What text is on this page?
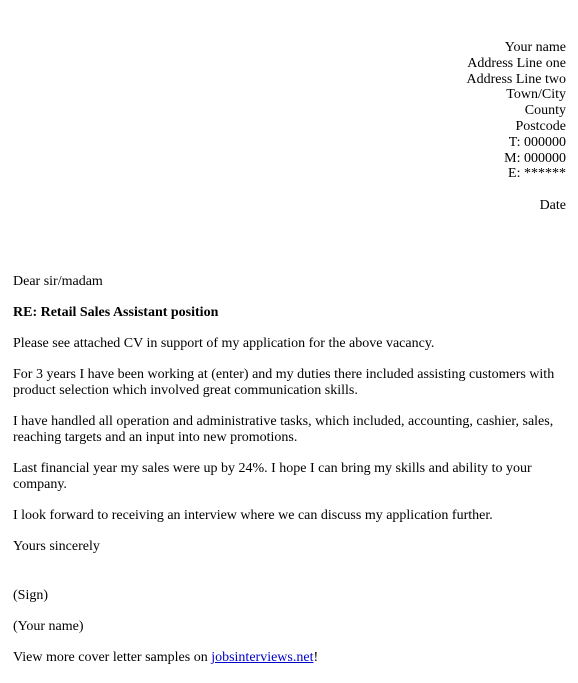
Your name
Address Line one
Address Line two
Town/City
County
Postcode
T: 000000
M: 000000
E: ******
Date

Dear sir/madam

RE: Retail Sales Assistant position

Please see attached CV in support of my application for the above vacancy.

For 3 years I have been working at (enter) and my duties there included assisting customers with product selection which involved great communication skills.

I have handled all operation and administrative tasks, which included, accounting, cashier, sales, reaching targets and an input into new promotions.

Last financial year my sales were up by 24%. I hope I can bring my skills and ability to your company.

I look forward to receiving an interview where we can discuss my application further.

Yours sincerely

(Sign)

(Your name)

View more cover letter samples on jobsinterviews.net!
